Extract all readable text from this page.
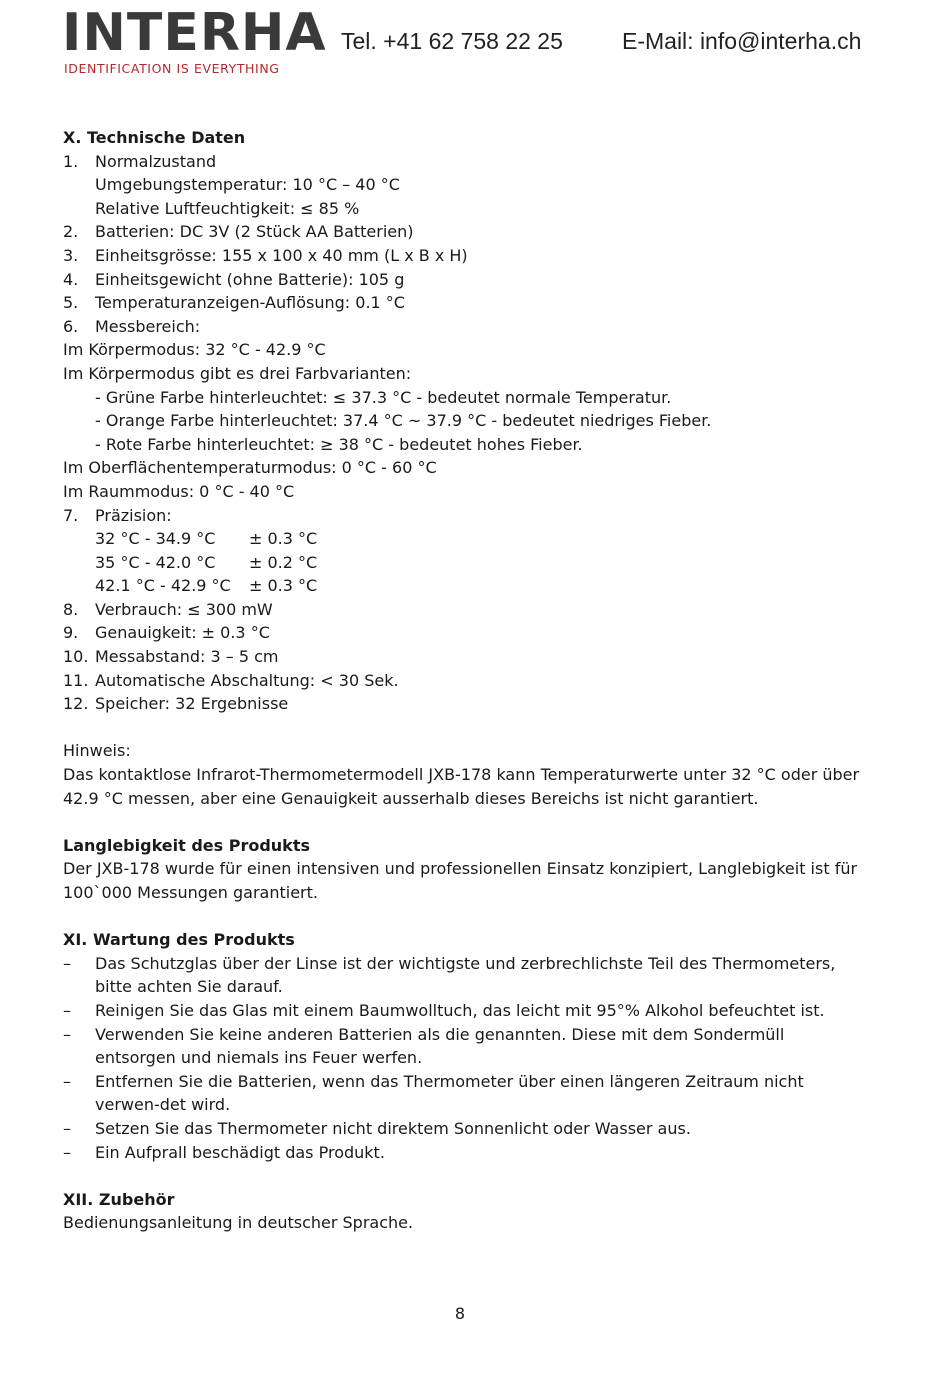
INTERHA
IDENTIFICATION IS EVERYTHING
Tel. +41 62 758 22 25	E-Mail: info@interha.ch
X. Technische Daten
1. Normalzustand
Umgebungstemperatur: 10 °C – 40 °C
Relative Luftfeuchtigkeit: ≤ 85 %
2. Batterien: DC 3V (2 Stück AA Batterien)
3. Einheitsgrösse: 155 x 100 x 40 mm (L x B x H)
4. Einheitsgewicht (ohne Batterie): 105 g
5. Temperaturanzeigen-Auflösung: 0.1 °C
6. Messbereich:
Im Körpermodus: 32 °C - 42.9 °C
Im Körpermodus gibt es drei Farbvarianten:
- Grüne Farbe hinterleuchtet: ≤ 37.3 °C - bedeutet normale Temperatur.
- Orange Farbe hinterleuchtet: 37.4 °C ~ 37.9 °C - bedeutet niedriges Fieber.
- Rote Farbe hinterleuchtet: ≥ 38 °C - bedeutet hohes Fieber.
Im Oberflächentemperaturmodus: 0 °C - 60 °C
Im Raummodus: 0 °C - 40 °C
7. Präzision:
32 °C - 34.9 °C ± 0.3 °C
35 °C - 42.0 °C ± 0.2 °C
42.1 °C - 42.9 °C ± 0.3 °C
8. Verbrauch: ≤ 300 mW
9. Genauigkeit: ± 0.3 °C
10. Messabstand: 3 – 5 cm
11. Automatische Abschaltung: < 30 Sek.
12. Speicher: 32 Ergebnisse
Hinweis:
Das kontaktlose Infrarot-Thermometermodell JXB-178 kann Temperaturwerte unter 32 °C oder über 42.9 °C messen, aber eine Genauigkeit ausserhalb dieses Bereichs ist nicht garantiert.
Langlebigkeit des Produkts
Der JXB-178 wurde für einen intensiven und professionellen Einsatz konzipiert, Langlebigkeit ist für 100`000 Messungen garantiert.
XI. Wartung des Produkts
–	Das Schutzglas über der Linse ist der wichtigste und zerbrechlichste Teil des Thermometers, bitte achten Sie darauf.
–	Reinigen Sie das Glas mit einem Baumwolltuch, das leicht mit 95°% Alkohol befeuchtet ist.
–	Verwenden Sie keine anderen Batterien als die genannten. Diese mit dem Sondermüll entsorgen und niemals ins Feuer werfen.
–	Entfernen Sie die Batterien, wenn das Thermometer über einen längeren Zeitraum nicht verwen-det wird.
–	Setzen Sie das Thermometer nicht direktem Sonnenlicht oder Wasser aus.
–	Ein Aufprall beschädigt das Produkt.
XII. Zubehör
Bedienungsanleitung in deutscher Sprache.
8
